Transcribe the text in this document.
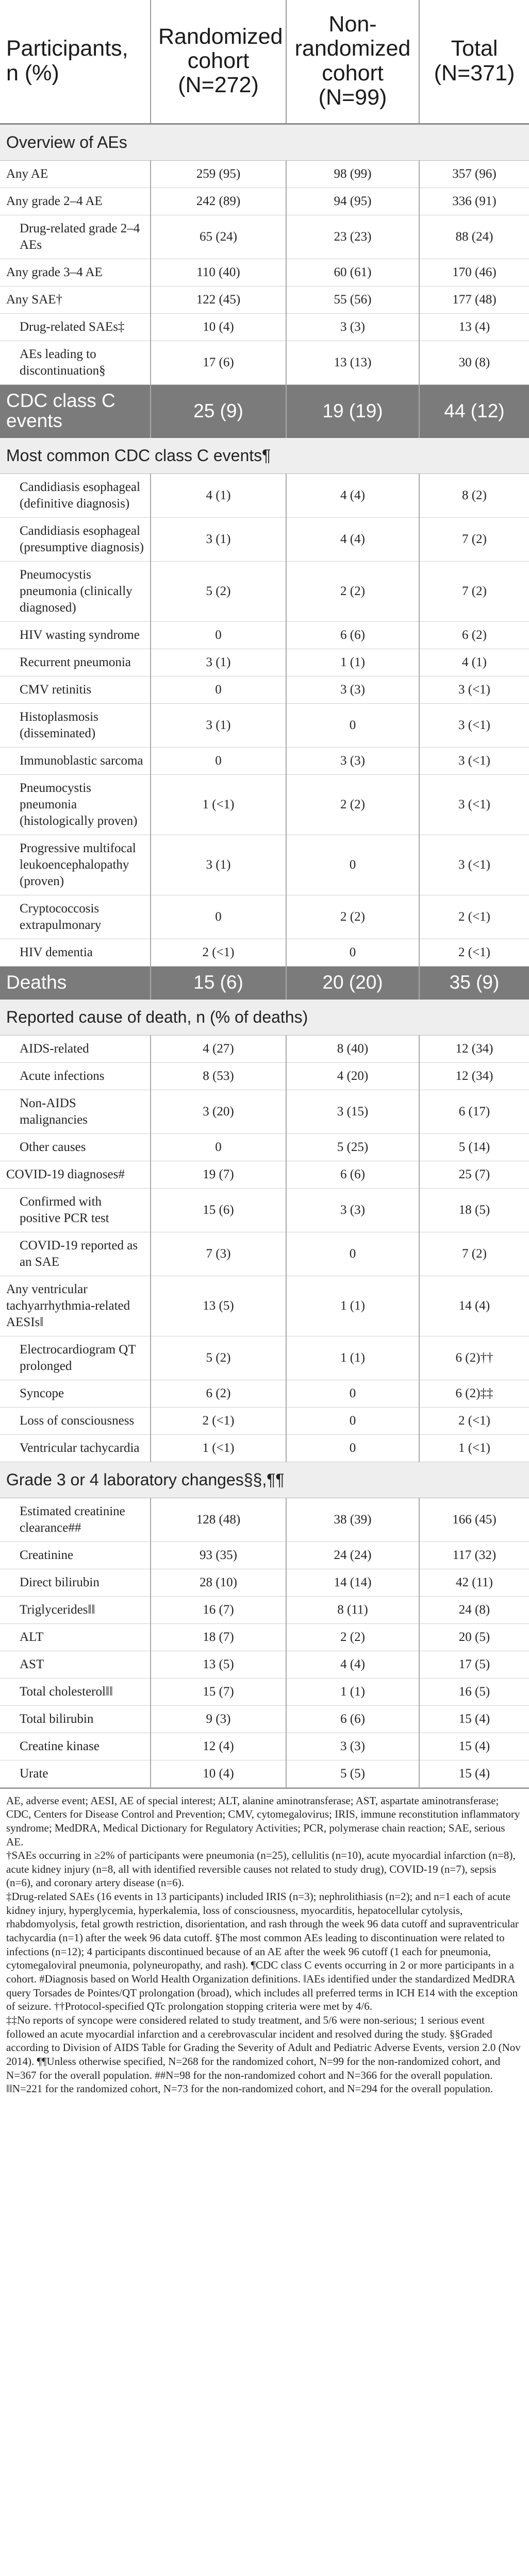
Participants, n (%)	Randomized cohort (N=272)	Non-randomized cohort (N=99)	Total (N=371)
Overview of AEs			
Any AE	259 (95)	98 (99)	357 (96)
Any grade 2–4 AE	242 (89)	94 (95)	336 (91)
Drug-related grade 2–4 AEs	65 (24)	23 (23)	88 (24)
Any grade 3–4 AE	110 (40)	60 (61)	170 (46)
Any SAE†	122 (45)	55 (56)	177 (48)
Drug-related SAEs‡	10 (4)	3 (3)	13 (4)
AEs leading to discontinuation§	17 (6)	13 (13)	30 (8)
CDC class C events	25 (9)	19 (19)	44 (12)
Most common CDC class C events¶			
Candidiasis esophageal (definitive diagnosis)	4 (1)	4 (4)	8 (2)
Candidiasis esophageal (presumptive diagnosis)	3 (1)	4 (4)	7 (2)
Pneumocystis pneumonia (clinically diagnosed)	5 (2)	2 (2)	7 (2)
HIV wasting syndrome	0	6 (6)	6 (2)
Recurrent pneumonia	3 (1)	1 (1)	4 (1)
CMV retinitis	0	3 (3)	3 (<1)
Histoplasmosis (disseminated)	3 (1)	0	3 (<1)
Immunoblastic sarcoma	0	3 (3)	3 (<1)
Pneumocystis pneumonia (histologically proven)	1 (<1)	2 (2)	3 (<1)
Progressive multifocal leukoencephalopathy (proven)	3 (1)	0	3 (<1)
Cryptococcosis extrapulmonary	0	2 (2)	2 (<1)
HIV dementia	2 (<1)	0	2 (<1)
Deaths	15 (6)	20 (20)	35 (9)
Reported cause of death, n (% of deaths)			
AIDS-related	4 (27)	8 (40)	12 (34)
Acute infections	8 (53)	4 (20)	12 (34)
Non-AIDS malignancies	3 (20)	3 (15)	6 (17)
Other causes	0	5 (25)	5 (14)
COVID-19 diagnoses#	19 (7)	6 (6)	25 (7)
Confirmed with positive PCR test	15 (6)	3 (3)	18 (5)
COVID-19 reported as an SAE	7 (3)	0	7 (2)
Any ventricular tachyarrhythmia-related AESIs‖	13 (5)	1 (1)	14 (4)
Electrocardiogram QT prolonged	5 (2)	1 (1)	6 (2)††
Syncope	6 (2)	0	6 (2)‡‡
Loss of consciousness	2 (<1)	0	2 (<1)
Ventricular tachycardia	1 (<1)	0	1 (<1)
Grade 3 or 4 laboratory changes§§,¶¶			
Estimated creatinine clearance##	128 (48)	38 (39)	166 (45)
Creatinine	93 (35)	24 (24)	117 (32)
Direct bilirubin	28 (10)	14 (14)	42 (11)
Triglycerides‖‖	16 (7)	8 (11)	24 (8)
ALT	18 (7)	2 (2)	20 (5)
AST	13 (5)	4 (4)	17 (5)
Total cholesterol‖‖	15 (7)	1 (1)	16 (5)
Total bilirubin	9 (3)	6 (6)	15 (4)
Creatine kinase	12 (4)	3 (3)	15 (4)
Urate	10 (4)	5 (5)	15 (4)

AE, adverse event; AESI, AE of special interest; ALT, alanine aminotransferase; AST, aspartate aminotransferase; CDC, Centers for Disease Control and Prevention; CMV, cytomegalovirus; IRIS, immune reconstitution inflammatory syndrome; MedDRA, Medical Dictionary for Regulatory Activities; PCR, polymerase chain reaction; SAE, serious AE.

†SAEs occurring in ≥2% of participants were pneumonia (n=25), cellulitis (n=10), acute myocardial infarction (n=8), acute kidney injury (n=8, all with identified reversible causes not related to study drug), COVID-19 (n=7), sepsis (n=6), and coronary artery disease (n=6).

‡Drug-related SAEs (16 events in 13 participants) included IRIS (n=3); nephrolithiasis (n=2); and n=1 each of acute kidney injury, hyperglycemia, hyperkalemia, loss of consciousness, myocarditis, hepatocellular cytolysis, rhabdomyolysis, fetal growth restriction, disorientation, and rash through the week 96 data cutoff and supraventricular tachycardia (n=1) after the week 96 data cutoff. §The most common AEs leading to discontinuation were related to infections (n=12); 4 participants discontinued because of an AE after the week 96 cutoff (1 each for pneumonia, cytomegaloviral pneumonia, polyneuropathy, and rash). ¶CDC class C events occurring in 2 or more participants in a cohort. #Diagnosis based on World Health Organization definitions. ‖AEs identified under the standardized MedDRA query Torsades de Pointes/QT prolongation (broad), which includes all preferred terms in ICH E14 with the exception of seizure. ††Protocol-specified QTc prolongation stopping criteria were met by 4/6.

‡‡No reports of syncope were considered related to study treatment, and 5/6 were non-serious; 1 serious event followed an acute myocardial infarction and a cerebrovascular incident and resolved during the study. §§Graded according to Division of AIDS Table for Grading the Severity of Adult and Pediatric Adverse Events, version 2.0 (Nov 2014). ¶¶Unless otherwise specified, N=268 for the randomized cohort, N=99 for the non-randomized cohort, and N=367 for the overall population. ##N=98 for the non-randomized cohort and N=366 for the overall population. ‖‖N=221 for the randomized cohort, N=73 for the non-randomized cohort, and N=294 for the overall population.
